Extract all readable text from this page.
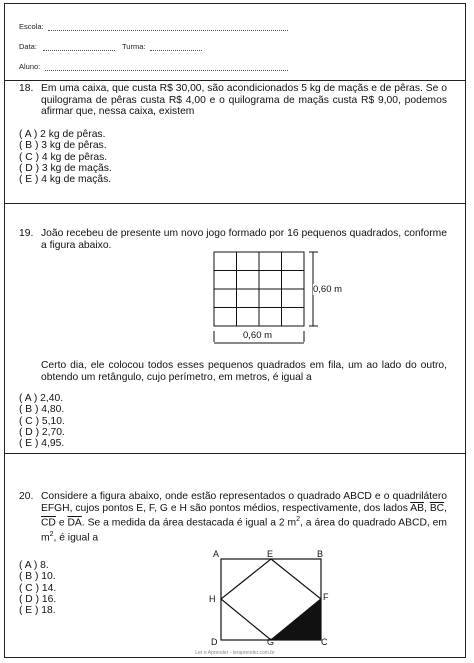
Escola:
Data:	Turma:
Aluno:
18. Em uma caixa, que custa R$ 30,00, são acondicionados 5 kg de maçãs e de pêras. Se o quilograma de pêras custa R$ 4,00 e o quilograma de maçãs custa R$ 9,00, podemos afirmar que, nessa caixa, existem
( A ) 2 kg de pêras.
( B ) 3 kg de pêras.
( C ) 4 kg de pêras.
( D ) 3 kg de maçãs.
( E ) 4 kg de maçãs.
19. João recebeu de presente um novo jogo formado por 16 pequenos quadrados, conforme a figura abaixo.
0,60 m
0,60 m
Certo dia, ele colocou todos esses pequenos quadrados em fila, um ao lado do outro, obtendo um retângulo, cujo perímetro, em metros, é igual a
( A ) 2,40.
( B ) 4,80.
( C ) 5,10.
( D ) 2,70.
( E ) 4,95.
20. Considere a figura abaixo, onde estão representados o quadrado ABCD e o quadrilátero EFGH, cujos pontos E, F, G e H são pontos médios, respectivamente, dos lados $\overline{AB}$, $\overline{BC}$, $\overline{CD}$ e $\overline{DA}$. Se a medida da área destacada é igual a 2 $m^2$, a área do quadrado ABCD, em $m^2$, é igual a
( A ) 8.
( B ) 10.
( C ) 14.
( D ) 16.
( E ) 18.
A	E	B
H	F
D	G	C
Ler e Aprender - leraprender.com.br
